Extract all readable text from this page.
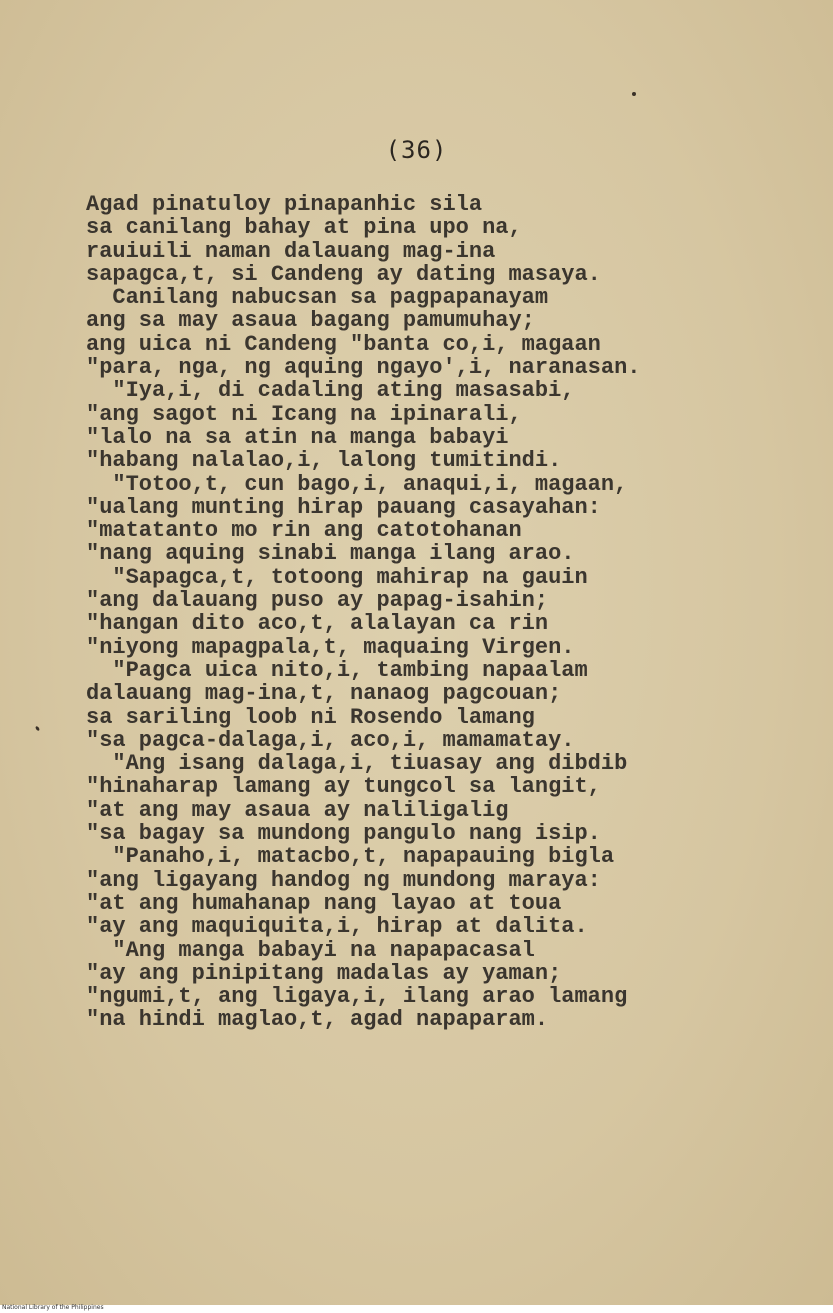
(36)

Agad pinatuloy pinapanhic sila

sa canilang bahay at pina upo na,

rauiuili naman dalauang mag-ina

sapagca,t, si Candeng ay dating masaya.

Canilang nabucsan sa pagpapanayam

ang sa may asaua bagang pamumuhay;

ang uica ni Candeng "banta co,i, magaan

"para, nga, ng aquing ngayo',i, naranasan.

"Iya,i, di cadaling ating masasabi,

"ang sagot ni Icang na ipinarali,

"lalo na sa atin na manga babayi

"habang nalalao,i, lalong tumitindi.

"Totoo,t, cun bago,i, anaqui,i, magaan,

"ualang munting hirap pauang casayahan:

"matatanto mo rin ang catotohanan

"nang aquing sinabi manga ilang arao.

"Sapagca,t, totoong mahirap na gauin

"ang dalauang puso ay papag-isahin;

"hangan dito aco,t, alalayan ca rin

"niyong mapagpala,t, maquaing Virgen.

"Pagca uica nito,i, tambing napaalam

dalauang mag-ina,t, nanaog pagcouan;

sa sariling loob ni Rosendo lamang

"sa pagca-dalaga,i, aco,i, mamamatay.

"Ang isang dalaga,i, tiuasay ang dibdib

"hinaharap lamang ay tungcol sa langit,

"at ang may asaua ay naliligalig

"sa bagay sa mundong pangulo nang isip.

"Panaho,i, matacbo,t, napapauing bigla

"ang ligayang handog ng mundong maraya:

"at ang humahanap nang layao at toua

"ay ang maquiquita,i, hirap at dalita.

"Ang manga babayi na napapacasal

"ay ang pinipitang madalas ay yaman;

"ngumi,t, ang ligaya,i, ilang arao lamang

"na hindi maglao,t, agad napaparam.

National Library of the Philippines
